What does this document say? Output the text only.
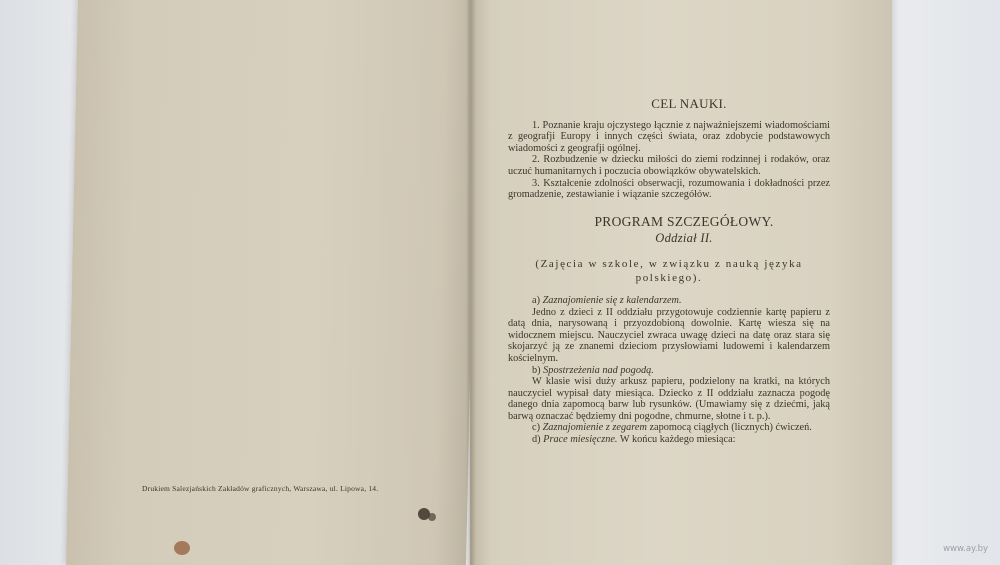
Drukiem Salezjańskich Zakładów graficznych, Warszawa, ul. Lipowa, 14.

CEL NAUKI.

1. Poznanie kraju ojczystego łącznie z najważniejszemi wiadomościami z geografji Europy i innych części świata, oraz zdobycie podstawowych wiadomości z geografji ogólnej.

2. Rozbudzenie w dziecku miłości do ziemi rodzinnej i rodaków, oraz uczuć humanitarnych i poczucia obowiązków obywatelskich.

3. Kształcenie zdolności obserwacji, rozumowania i dokładności przez gromadzenie, zestawianie i wiązanie szczegółów.

PROGRAM SZCZEGÓŁOWY.

Oddział II.

(Zajęcia w szkole, w związku z nauką języka polskiego).

a) Zaznajomienie się z kalendarzem.

Jedno z dzieci z II oddziału przygotowuje codziennie kartę papieru z datą dnia, narysowaną i przyozdobioną dowolnie. Kartę wiesza się na widocznem miejscu. Nauczyciel zwraca uwagę dzieci na datę oraz stara się skojarzyć ją ze znanemi dzieciom przysłowiami ludowemi i kalendarzem kościelnym.

b) Spostrzeżenia nad pogodą.

W klasie wisi duży arkusz papieru, podzielony na kratki, na których nauczyciel wypisał daty miesiąca. Dziecko z II oddziału zaznacza pogodę danego dnia zapomocą barw lub rysunków. (Umawiamy się z dziećmi, jaką barwą oznaczać będziemy dni pogodne, chmurne, słotne i t. p.).

c) Zaznajomienie z zegarem zapomocą ciągłych (licznych) ćwiczeń.

d) Prace miesięczne. W końcu każdego miesiąca:

www.ay.by
